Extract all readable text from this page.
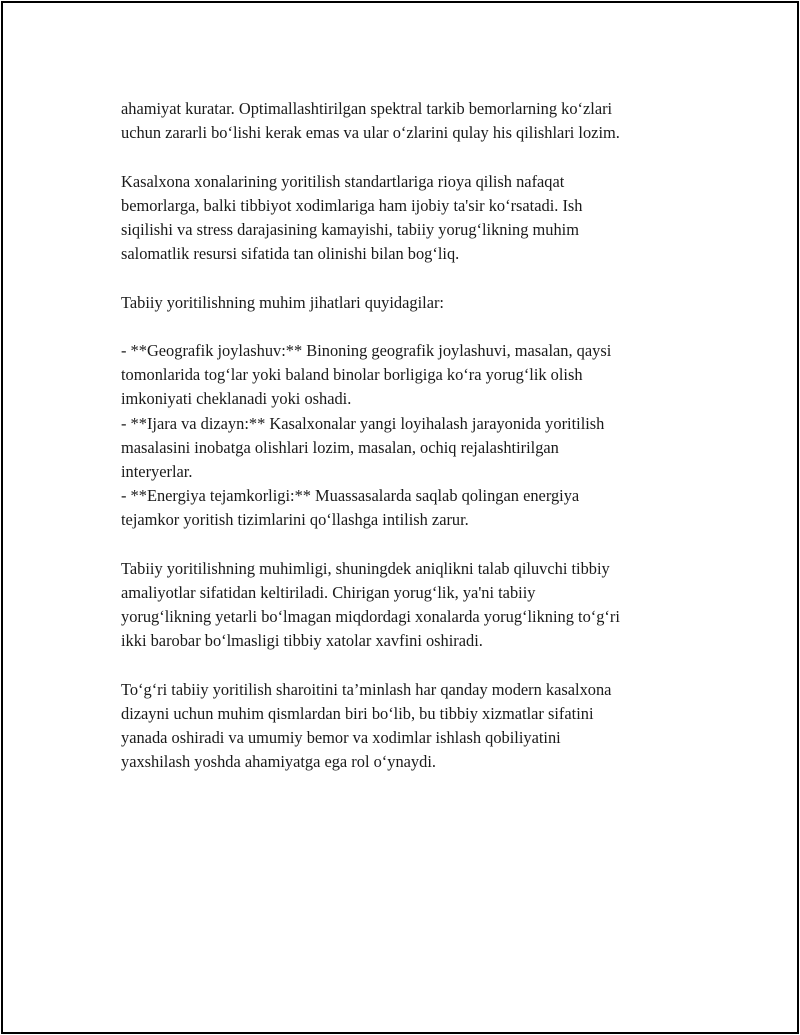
ahamiyat kuratar. Optimallashtirilgan spektral tarkib bemorlarning ko‘zlari
uchun zararli bo‘lishi kerak emas va ular o‘zlarini qulay his qilishlari lozim.

Kasalxona xonalarining yoritilish standartlariga rioya qilish nafaqat
bemorlarga, balki tibbiyot xodimlariga ham ijobiy ta'sir ko‘rsatadi. Ish
siqilishi va stress darajasining kamayishi, tabiiy yorug‘likning muhim
salomatlik resursi sifatida tan olinishi bilan bog‘liq.

Tabiiy yoritilishning muhim jihatlari quyidagilar:

- **Geografik joylashuv:** Binoning geografik joylashuvi, masalan, qaysi
tomonlarida tog‘lar yoki baland binolar borligiga ko‘ra yorug‘lik olish
imkoniyati cheklanadi yoki oshadi.
- **Ijara va dizayn:** Kasalxonalar yangi loyihalash jarayonida yoritilish
masalasini inobatga olishlari lozim, masalan, ochiq rejalashtirilgan
interyerlar.
- **Energiya tejamkorligi:** Muassasalarda saqlab qolingan energiya
tejamkor yoritish tizimlarini qo‘llashga intilish zarur.

Tabiiy yoritilishning muhimligi, shuningdek aniqlikni talab qiluvchi tibbiy
amaliyotlar sifatidan keltiriladi. Chirigan yorug‘lik, ya'ni tabiiy
yorug‘likning yetarli bo‘lmagan miqdordagi xonalarda yorug‘likning to‘g‘ri
ikki barobar bo‘lmasligi tibbiy xatolar xavfini oshiradi.

To‘g‘ri tabiiy yoritilish sharoitini ta’minlash har qanday modern kasalxona
dizayni uchun muhim qismlardan biri bo‘lib, bu tibbiy xizmatlar sifatini
yanada oshiradi va umumiy bemor va xodimlar ishlash qobiliyatini
yaxshilash yoshda ahamiyatga ega rol o‘ynaydi.
